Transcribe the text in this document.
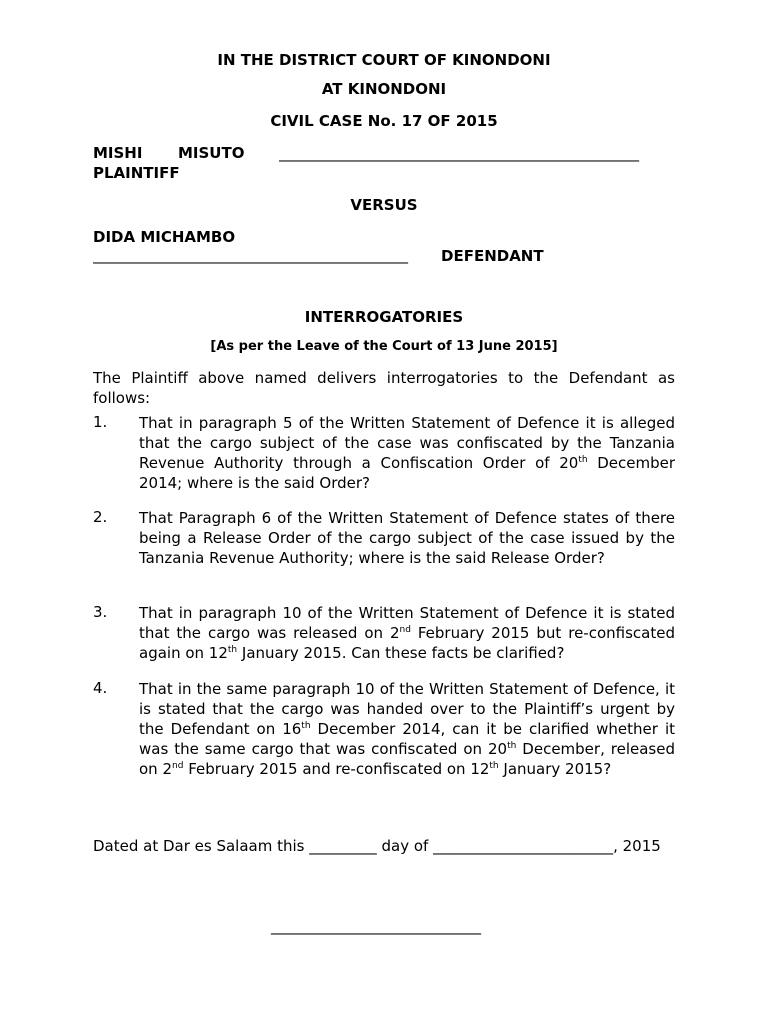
IN THE DISTRICT COURT OF KINONDONI
AT KINONDONI
CIVIL CASE No. 17 OF 2015
MISHI MISUTO ________________________________________________
PLAINTIFF
VERSUS
DIDA MICHAMBO
__________________________________________	DEFENDANT
INTERROGATORIES
[As per the Leave of the Court of 13 June 2015]
The Plaintiff above named delivers interrogatories to the Defendant as follows:
1. That in paragraph 5 of the Written Statement of Defence it is alleged that the cargo subject of the case was confiscated by the Tanzania Revenue Authority through a Confiscation Order of 20th December 2014; where is the said Order?
2. That Paragraph 6 of the Written Statement of Defence states of there being a Release Order of the cargo subject of the case issued by the Tanzania Revenue Authority; where is the said Release Order?
3. That in paragraph 10 of the Written Statement of Defence it is stated that the cargo was released on 2nd February 2015 but re-confiscated again on 12th January 2015. Can these facts be clarified?
4. That in the same paragraph 10 of the Written Statement of Defence, it is stated that the cargo was handed over to the Plaintiff’s urgent by the Defendant on 16th December 2014, can it be clarified whether it was the same cargo that was confiscated on 20th December, released on 2nd February 2015 and re-confiscated on 12th January 2015?
Dated at Dar es Salaam this _________ day of ________________________, 2015
____________________________
